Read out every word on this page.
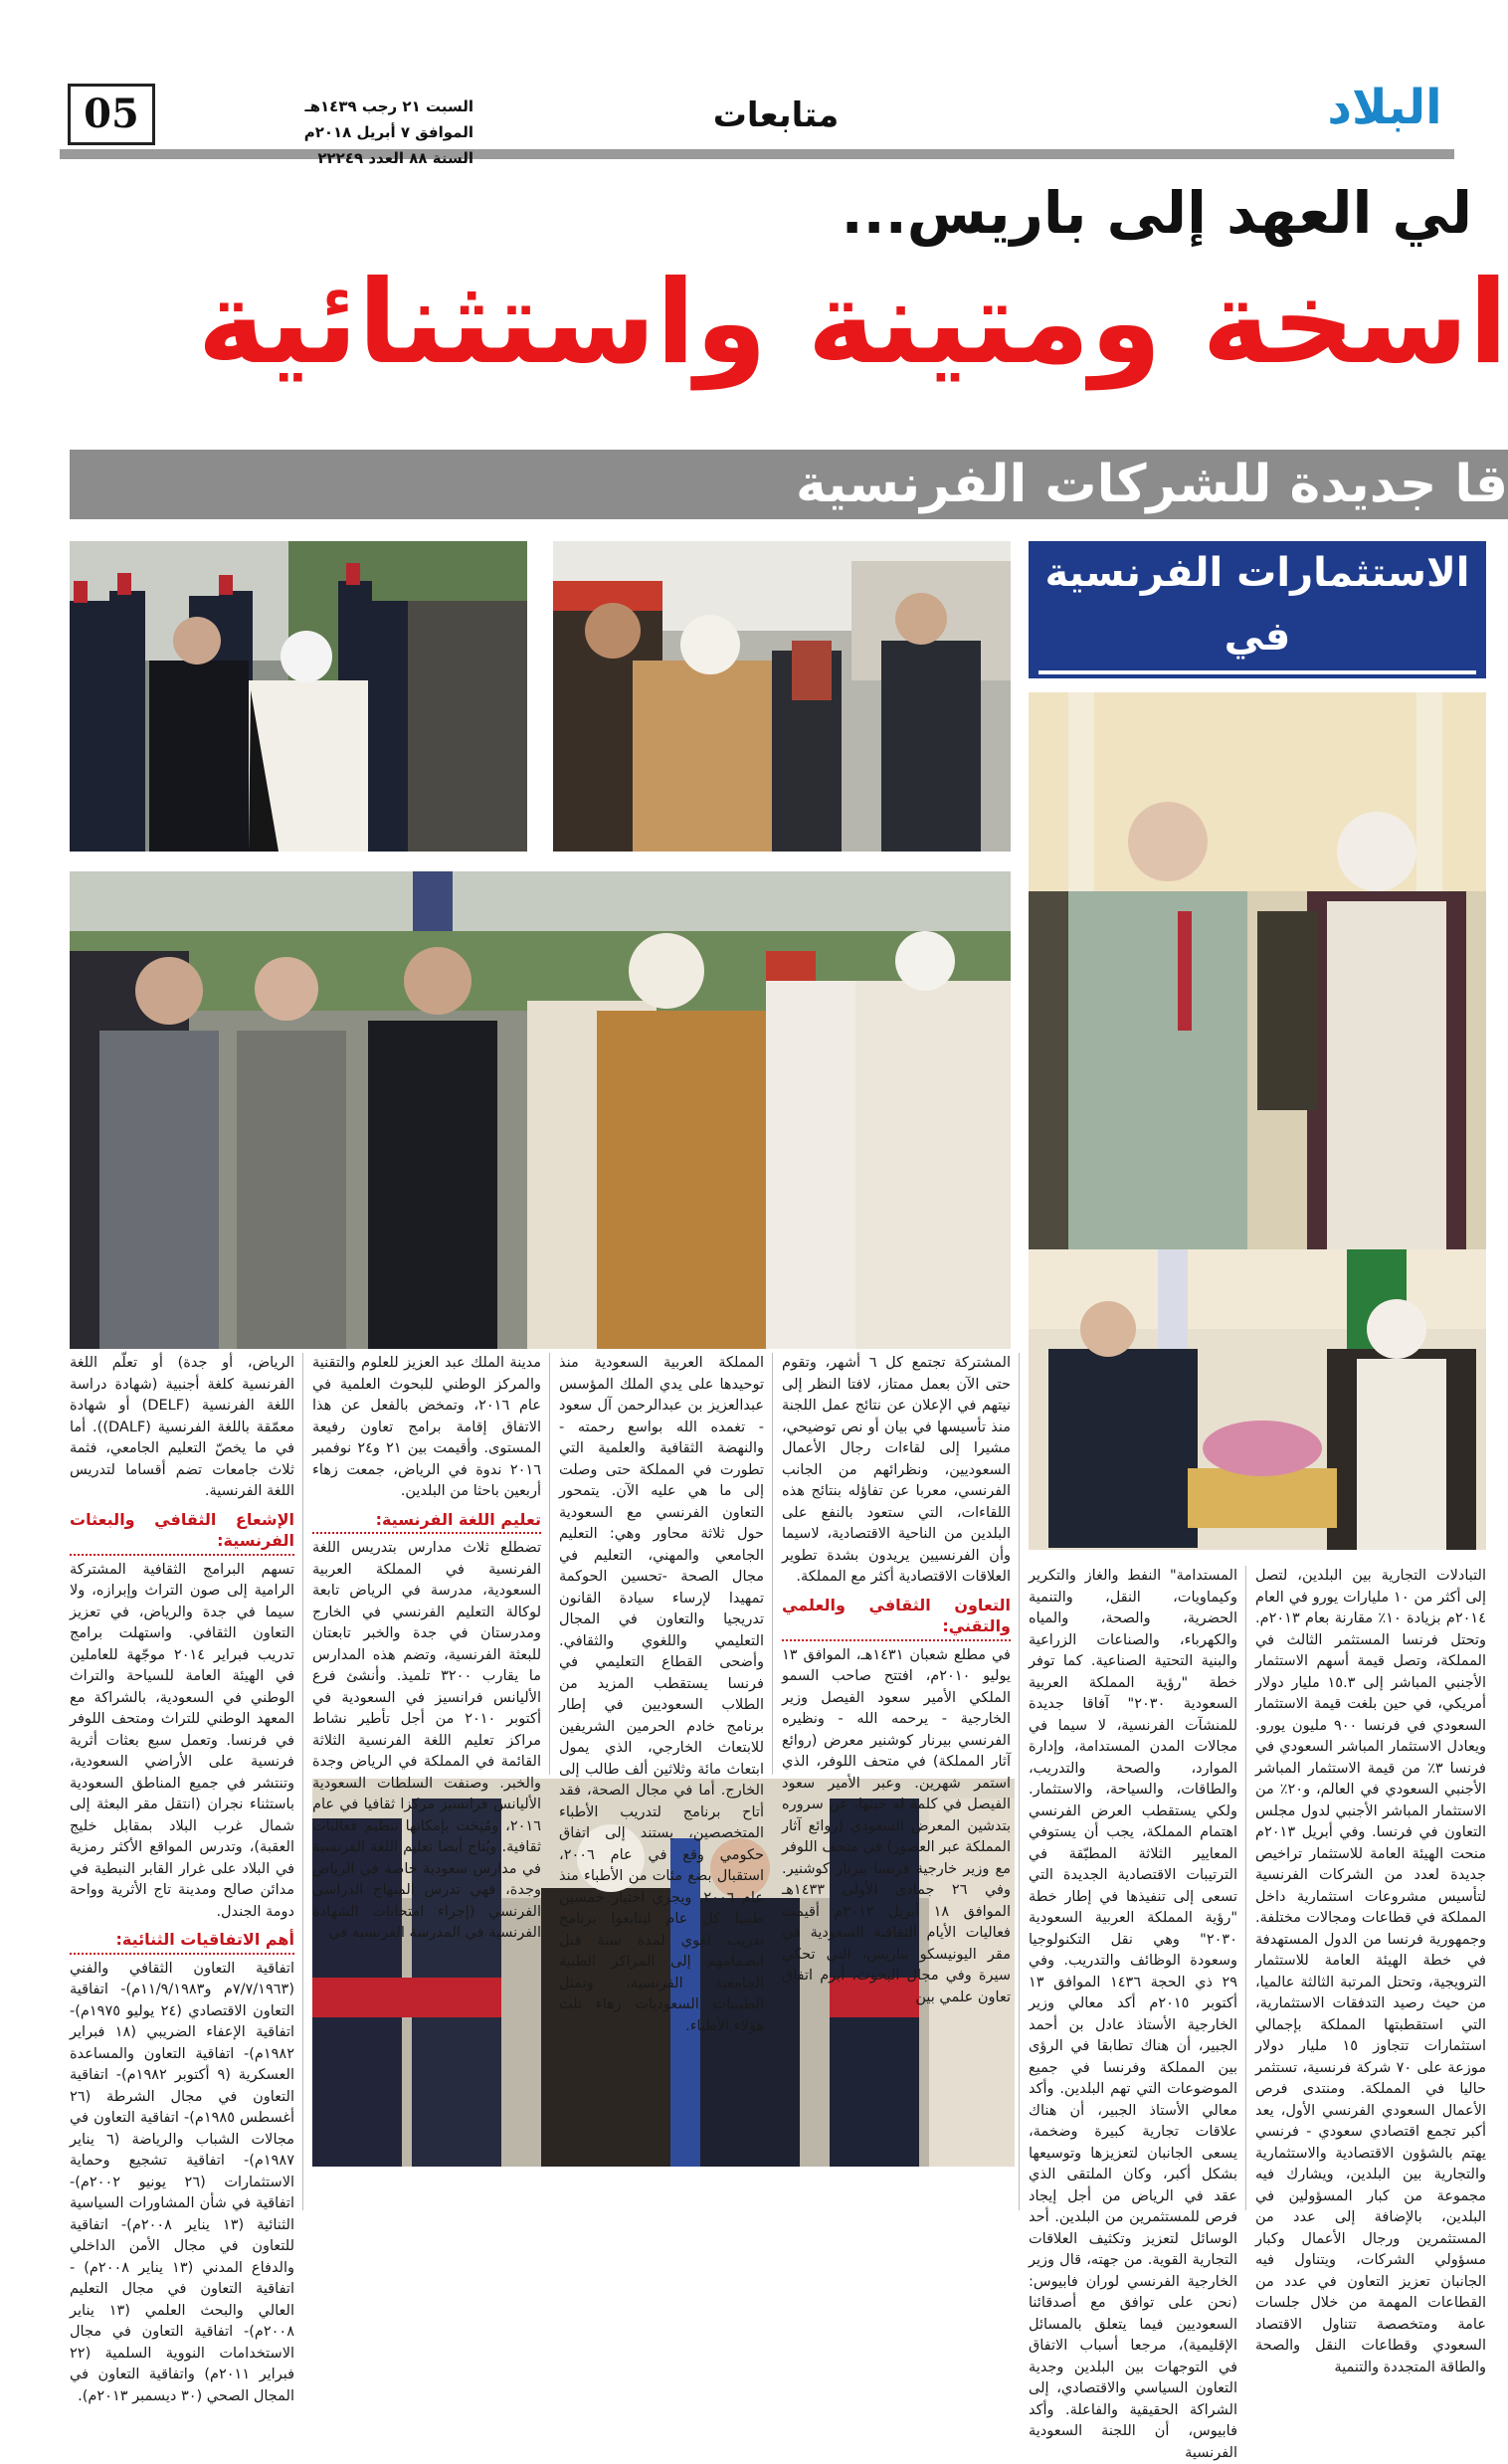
05	السبت ٢١ رجب ١٤٣٩هـ
الموافق ٧ أبريل ٢٠١٨م السنة ٨٨ العدد ٢٢٢٤٩
متابعات	البلاد
لي العهد إلى باريس...
اسخة ومتينة واستثنائية
قا جديدة للشركات الفرنسية
الاستثمارات الفرنسية في

التبادلات التجارية بين البلدين، لتصل إلى أكثر من ١٠ مليارات يورو في العام ٢٠١٤م بزيادة ١٠٪ مقارنة بعام ٢٠١٣م. وتحتل فرنسا المستثمر الثالث في المملكة، وتصل قيمة أسهم الاستثمار الأجنبي المباشر إلى ١٥.٣ مليار دولار أمريكي، في حين بلغت قيمة الاستثمار السعودي في فرنسا ٩٠٠ مليون يورو. ويعادل الاستثمار المباشر السعودي في فرنسا ٣٪ من قيمة الاستثمار المباشر الأجنبي السعودي في العالم، و٢٠٪ من الاستثمار المباشر الأجنبي لدول مجلس التعاون في فرنسا. وفي أبريل ٢٠١٣م منحت الهيئة العامة للاستثمار تراخيص جديدة لعدد من الشركات الفرنسية لتأسيس مشروعات استثمارية داخل المملكة في قطاعات ومجالات مختلفة. وجمهورية فرنسا من الدول المستهدفة في خطة الهيئة العامة للاستثمار الترويجية، وتحتل المرتبة الثالثة عالميا، من حيث رصيد التدفقات الاستثمارية، التي استقطبتها المملكة بإجمالي استثمارات تتجاوز ١٥ مليار دولار موزعة على ٧٠ شركة فرنسية، تستثمر حاليا في المملكة. ومنتدى فرص الأعمال السعودي الفرنسي الأول، يعد أكبر تجمع اقتصادي سعودي - فرنسي يهتم بالشؤون الاقتصادية والاستثمارية والتجارية بين البلدين، ويشارك فيه مجموعة من كبار المسؤولين في البلدين، بالإضافة إلى عدد من المستثمرين ورجال الأعمال وكبار مسؤولي الشركات، ويتناول فيه الجانبان تعزيز التعاون في عدد من القطاعات المهمة من خلال جلسات عامة ومتخصصة تتناول الاقتصاد السعودي وقطاعات النقل والصحة والطاقة المتجددة والتنمية

المستدامة" النفط والغاز والتكرير وكيماويات، النقل، والتنمية الحضرية، والصحة، والمياه والكهرباء، والصناعات الزراعية والبنية التحتية الصناعية. كما توفر خطة "رؤية المملكة العربية السعودية ٢٠٣٠" آفاقا جديدة للمنشآت الفرنسية، لا سيما في مجالات المدن المستدامة، وإدارة الموارد، والصحة والتدريب، والطاقات، والسياحة، والاستثمار. ولكي يستقطب العرض الفرنسي اهتمام المملكة، يجب أن يستوفي المعايير الثلاثة المطبّقة في الترتيبات الاقتصادية الجديدة التي تسعى إلى تنفيذها في إطار خطة "رؤية المملكة العربية السعودية ٢٠٣٠" وهي نقل التكنولوجيا وسعودة الوظائف والتدريب. وفي ٢٩ ذي الحجة ١٤٣٦ الموافق ١٣ أكتوبر ٢٠١٥م أكد معالي وزير الخارجية الأستاذ عادل بن أحمد الجبير، أن هناك تطابقا في الرؤى بين المملكة وفرنسا في جميع الموضوعات التي تهم البلدين. وأكد معالي الأستاذ الجبير، أن هناك علاقات تجارية كبيرة وضخمة، يسعى الجانبان لتعزيزها وتوسيعها بشكل أكبر، وكان الملتقى الذي عقد في الرياض من أجل إيجاد فرص للمستثمرين من البلدين. أحد الوسائل لتعزيز وتكثيف العلاقات التجارية القوية. من جهته، قال وزير الخارجية الفرنسي لوران فابيوس: (نحن على توافق مع أصدقائنا السعوديين فيما يتعلق بالمسائل الإقليمية)، مرجعا أسباب الاتفاق في التوجهات بين البلدين وجدية التعاون السياسي والاقتصادي، إلى الشراكة الحقيقية والفاعلة. وأكد فابيوس، أن اللجنة السعودية الفرنسية

المشتركة تجتمع كل ٦ أشهر، وتقوم حتى الآن بعمل ممتاز، لافتا النظر إلى نيتهم في الإعلان عن نتائج عمل اللجنة منذ تأسيسها في بيان أو نص توضيحي، مشيرا إلى لقاءات رجال الأعمال السعوديين، ونظرائهم من الجانب الفرنسي، معربا عن تفاؤله بنتائج هذه اللقاءات، التي ستعود بالنفع على البلدين من الناحية الاقتصادية، لاسيما وأن الفرنسيين يريدون بشدة تطوير العلاقات الاقتصادية أكثر مع المملكة.

التعاون الثقافي والعلمي والتقني:

في مطلع شعبان ١٤٣١هـ، الموافق ١٣ يوليو ٢٠١٠م، افتتح صاحب السمو الملكي الأمير سعود الفيصل وزير الخارجية - يرحمه الله - ونظيره الفرنسي بيرنار كوشنير معرض (روائع آثار المملكة) في متحف اللوفر، الذي استمر شهرين. وعبر الأمير سعود الفيصل في كلمة له حينها، عن سروره بتدشين المعرض السعودي (روائع آثار المملكة عبر العصور) في متحف اللوفر مع وزير خارجية فرنسا بيرنار كوشنير. وفي ٢٦ جمادى الأولى ١٤٣٣هـ الموافق ١٨ أبريل ٢٠١٢م أقيمت فعاليات الأيام الثقافية السعودية في مقر اليونيسكو بباريس، التي تحكي سيرة وفي مجال البحوث، أبرم اتفاق تعاون علمي بين

المملكة العربية السعودية منذ توحيدها على يدي الملك المؤسس عبدالعزيز بن عبدالرحمن آل سعود - تغمده الله بواسع رحمته - والنهضة الثقافية والعلمية التي تطورت في المملكة حتى وصلت إلى ما هي عليه الآن. يتمحور التعاون الفرنسي مع السعودية حول ثلاثة محاور وهي: التعليم الجامعي والمهني، التعليم في مجال الصحة -تحسين الحوكمة تمهيدا لإرساء سيادة القانون تدريجيا والتعاون في المجال التعليمي واللغوي والثقافي. وأضحى القطاع التعليمي في فرنسا يستقطب المزيد من الطلاب السعوديين في إطار برنامج خادم الحرمين الشريفين للابتعاث الخارجي، الذي يمول ابتعاث مائة وثلاثين ألف طالب إلى الخارج. أما في مجال الصحة، فقد أتاح برنامج لتدريب الأطباء المتخصصين، يستند إلى اتفاق حكومي وقع في عام ٢٠٠٦، استقبال بضع مئات من الأطباء منذ عام ٢٠٠٦. ويجري اختيار خمسين طبيبا كل عام ليتابعوا برنامج تدريب لغوي لمدة سنة قبل انضمامهم إلى المراكز الطبية الجامعية الفرنسية، وتمثل الطبيبات السعوديات زهاء ثلث هؤلاء الأطباء.

مدينة الملك عبد العزيز للعلوم والتقنية والمركز الوطني للبحوث العلمية في عام ٢٠١٦، وتمخض بالفعل عن هذا الاتفاق إقامة برامج تعاون رفيعة المستوى. وأقيمت بين ٢١ و٢٤ نوفمبر ٢٠١٦ ندوة في الرياض، جمعت زهاء أربعين باحثا من البلدين.

تعليم اللغة الفرنسية:

تضطلع ثلاث مدارس بتدريس اللغة الفرنسية في المملكة العربية السعودية، مدرسة في الرياض تابعة لوكالة التعليم الفرنسي في الخارج ومدرستان في جدة والخبر تابعتان للبعثة الفرنسية، وتضم هذه المدارس ما يقارب ٣٢٠٠ تلميذ. وأنشئ فرع الأليانس فرانسيز في السعودية في أكتوبر ٢٠١٠ من أجل تأطير نشاط مراكز تعليم اللغة الفرنسية الثلاثة القائمة في المملكة في الرياض وجدة والخبر. وصنفت السلطات السعودية الأليانس فرانسيز مركزا ثقافيا في عام ٢٠١٦، ومُنِحَت بإمكانها تنظيم فعاليات ثقافية. ويُتاح أيضا تعليم اللغة الفرنسية في مدارس سعودية خاصة في الرياض وجدة، فهي تدرس المنهاج الدراسي الفرنسي (إجراء امتحانات الشهادة الفرنسية في المدرسة الفرنسية في

الرياض، أو جدة) أو تعلّم اللغة الفرنسية كلغة أجنبية (شهادة دراسة اللغة الفرنسية (DELF) أو شهادة معمّقة باللغة الفرنسية (DALF)). أما في ما يخصّ التعليم الجامعي، فثمة ثلاث جامعات تضم أقساما لتدريس اللغة الفرنسية.

الإشعاع الثقافي والبعثات الفرنسية:

تسهم البرامج الثقافية المشتركة الرامية إلى صون التراث وإبرازه، ولا سيما في جدة والرياض، في تعزيز التعاون الثقافي. واستهلت برامج تدريب فبراير ٢٠١٤ موجّهة للعاملين في الهيئة العامة للسياحة والتراث الوطني في السعودية، بالشراكة مع المعهد الوطني للتراث ومتحف اللوفر في فرنسا. وتعمل سبع بعثات أثرية فرنسية على الأراضي السعودية، وتنتشر في جميع المناطق السعودية باستثناء نجران (انتقل مقر البعثة إلى شمال غرب البلاد بمقابل خليج العقبة)، وتدرس المواقع الأكثر رمزية في البلاد على غرار القابر النبطية في مدائن صالح ومدينة تاج الأثرية وواحة دومة الجندل.

أهم الاتفاقيات الثنائية:

اتفاقية التعاون الثقافي والفني (٧/٧/١٩٦٣م و١١/٩/١٩٨٣م)- اتفاقية التعاون الاقتصادي (٢٤ يوليو ١٩٧٥م)- اتفاقية الإعفاء الضريبي (١٨ فبراير ١٩٨٢م)- اتفاقية التعاون والمساعدة العسكرية (٩ أكتوبر ١٩٨٢م)- اتفاقية التعاون في مجال الشرطة (٢٦ أغسطس ١٩٨٥م)- اتفاقية التعاون في مجالات الشباب والرياضة (٦ يناير ١٩٨٧م)- اتفاقية تشجيع وحماية الاستثمارات (٢٦ يونيو ٢٠٠٢م)- اتفاقية في شأن المشاورات السياسية الثنائية (١٣ يناير ٢٠٠٨م)- اتفاقية للتعاون في مجال الأمن الداخلي والدفاع المدني (١٣ يناير ٢٠٠٨م) - اتفاقية التعاون في مجال التعليم العالي والبحث العلمي (١٣ يناير ٢٠٠٨م)- اتفاقية التعاون في مجال الاستخدامات النووية السلمية (٢٢ فبراير ٢٠١١م) واتفاقية التعاون في المجال الصحي (٣٠ ديسمبر ٢٠١٣م).
